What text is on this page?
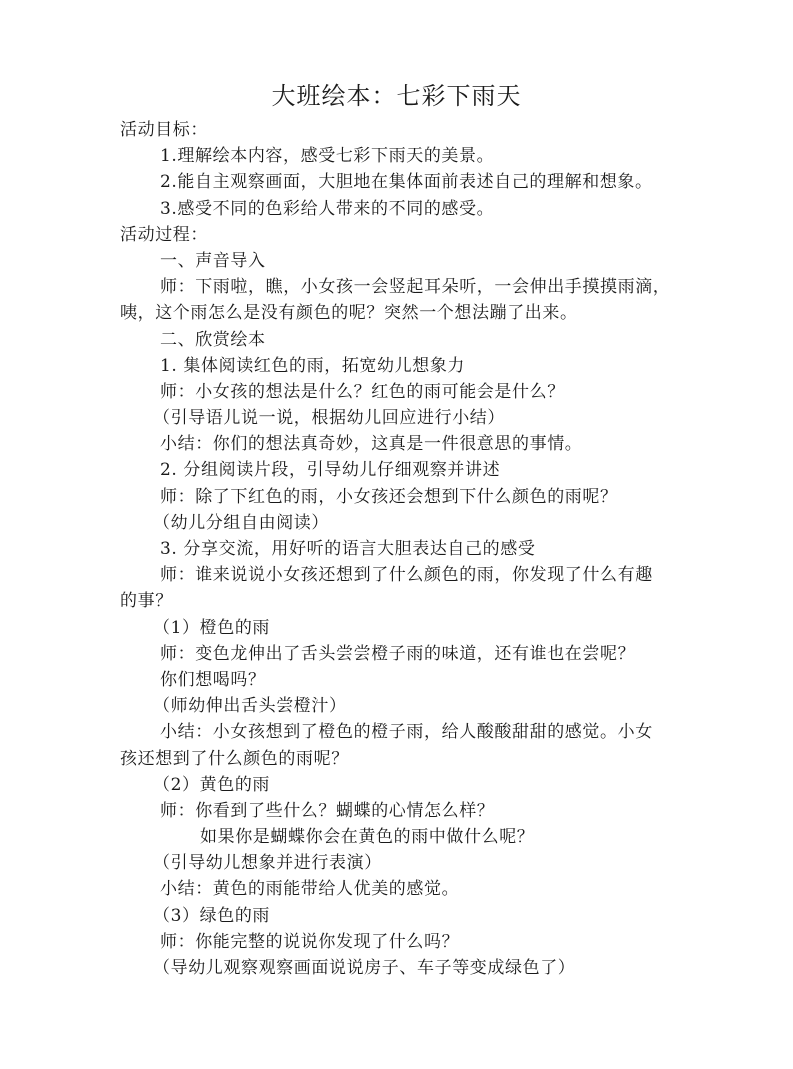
大班绘本：七彩下雨天
活动目标：
1.理解绘本内容，感受七彩下雨天的美景。
2.能自主观察画面，大胆地在集体面前表述自己的理解和想象。
3.感受不同的色彩给人带来的不同的感受。
活动过程：
一、声音导入
师：下雨啦，瞧，小女孩一会竖起耳朵听，一会伸出手摸摸雨滴，
咦，这个雨怎么是没有颜色的呢？突然一个想法蹦了出来。
二、欣赏绘本
1. 集体阅读红色的雨，拓宽幼儿想象力
师：小女孩的想法是什么？红色的雨可能会是什么？
（引导语儿说一说，根据幼儿回应进行小结）
小结：你们的想法真奇妙，这真是一件很意思的事情。
2. 分组阅读片段，引导幼儿仔细观察并讲述
师：除了下红色的雨，小女孩还会想到下什么颜色的雨呢？
（幼儿分组自由阅读）
3. 分享交流，用好听的语言大胆表达自己的感受
师：谁来说说小女孩还想到了什么颜色的雨，你发现了什么有趣
的事？
（1）橙色的雨
师：变色龙伸出了舌头尝尝橙子雨的味道，还有谁也在尝呢？
你们想喝吗？
（师幼伸出舌头尝橙汁）
小结：小女孩想到了橙色的橙子雨，给人酸酸甜甜的感觉。小女
孩还想到了什么颜色的雨呢？
（2）黄色的雨
师：你看到了些什么？蝴蝶的心情怎么样？
如果你是蝴蝶你会在黄色的雨中做什么呢？
（引导幼儿想象并进行表演）
小结：黄色的雨能带给人优美的感觉。
（3）绿色的雨
师：你能完整的说说你发现了什么吗？
（导幼儿观察观察画面说说房子、车子等变成绿色了）
